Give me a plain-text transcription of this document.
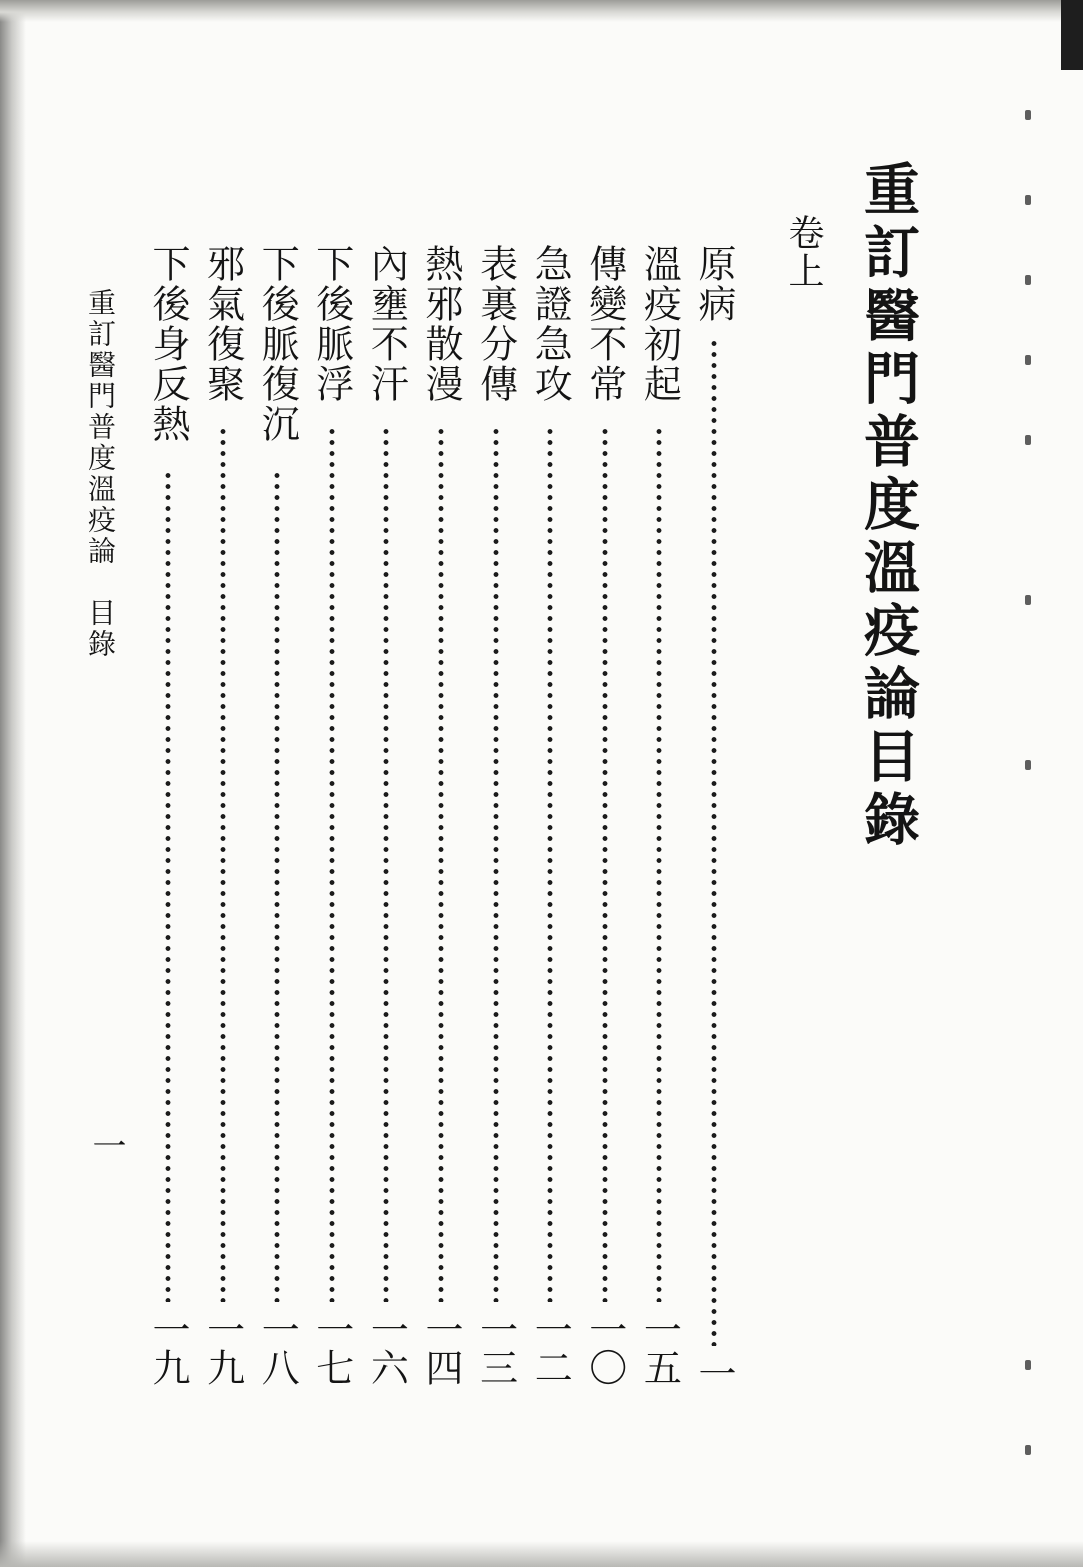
重訂醫門普度溫疫論目錄
卷上
原病
一
溫疫初起
一五
傳變不常
一〇
急證急攻
一二
表裏分傳
一三
熱邪散漫
一四
內壅不汗
一六
下後脈浮
一七
下後脈復沉
一八
邪氣復聚
一九
下後身反熱
一九
重訂醫門普度溫疫論　目錄
一
